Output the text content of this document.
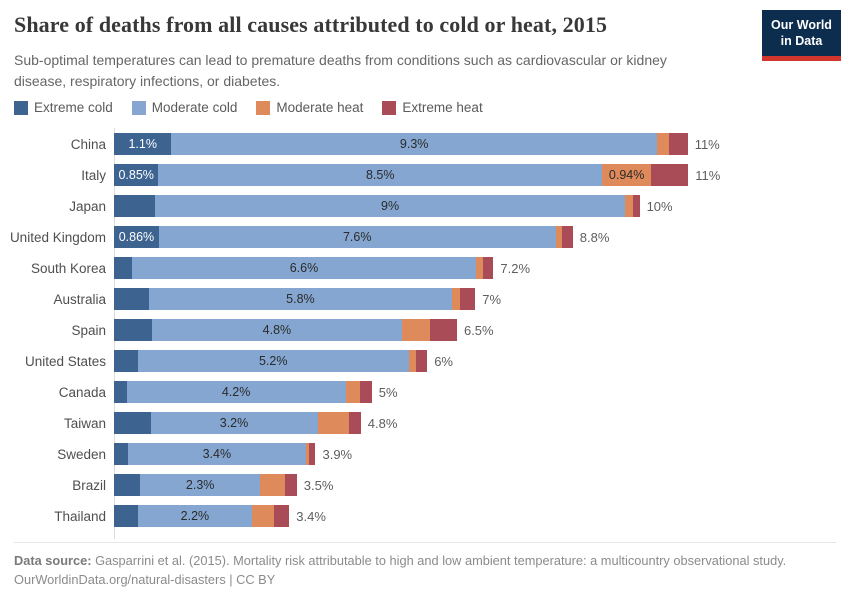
Share of deaths from all causes attributed to cold or heat, 2015
Sub-optimal temperatures can lead to premature deaths from conditions such as cardiovascular or kidney disease, respiratory infections, or diabetes.
Our World
in Data
Extreme cold	Moderate cold	Moderate heat	Extreme heat
China	1.1%	9.3%	11%
Italy 0.85%	8.5%	0.94%	11%
Japan	9%	10%
United Kingdom	0.86%	7.6%	8.8%
South Korea	6.6%	7.2%
Australia	5.8%	7%
Spain	4.8%	6.5%
United States	5.2%	6%
Canada	4.2%	5%
Taiwan	3.2%	4.8%
Sweden	3.4%	3.9%
Brazil	2.3%	3.5%
Thailand	2.2%	3.4%
Data source: Gasparrini et al. (2015). Mortality risk attributable to high and low ambient temperature: a multicountry observational study.
OurWorldinData.org/natural-disasters | CC BY
